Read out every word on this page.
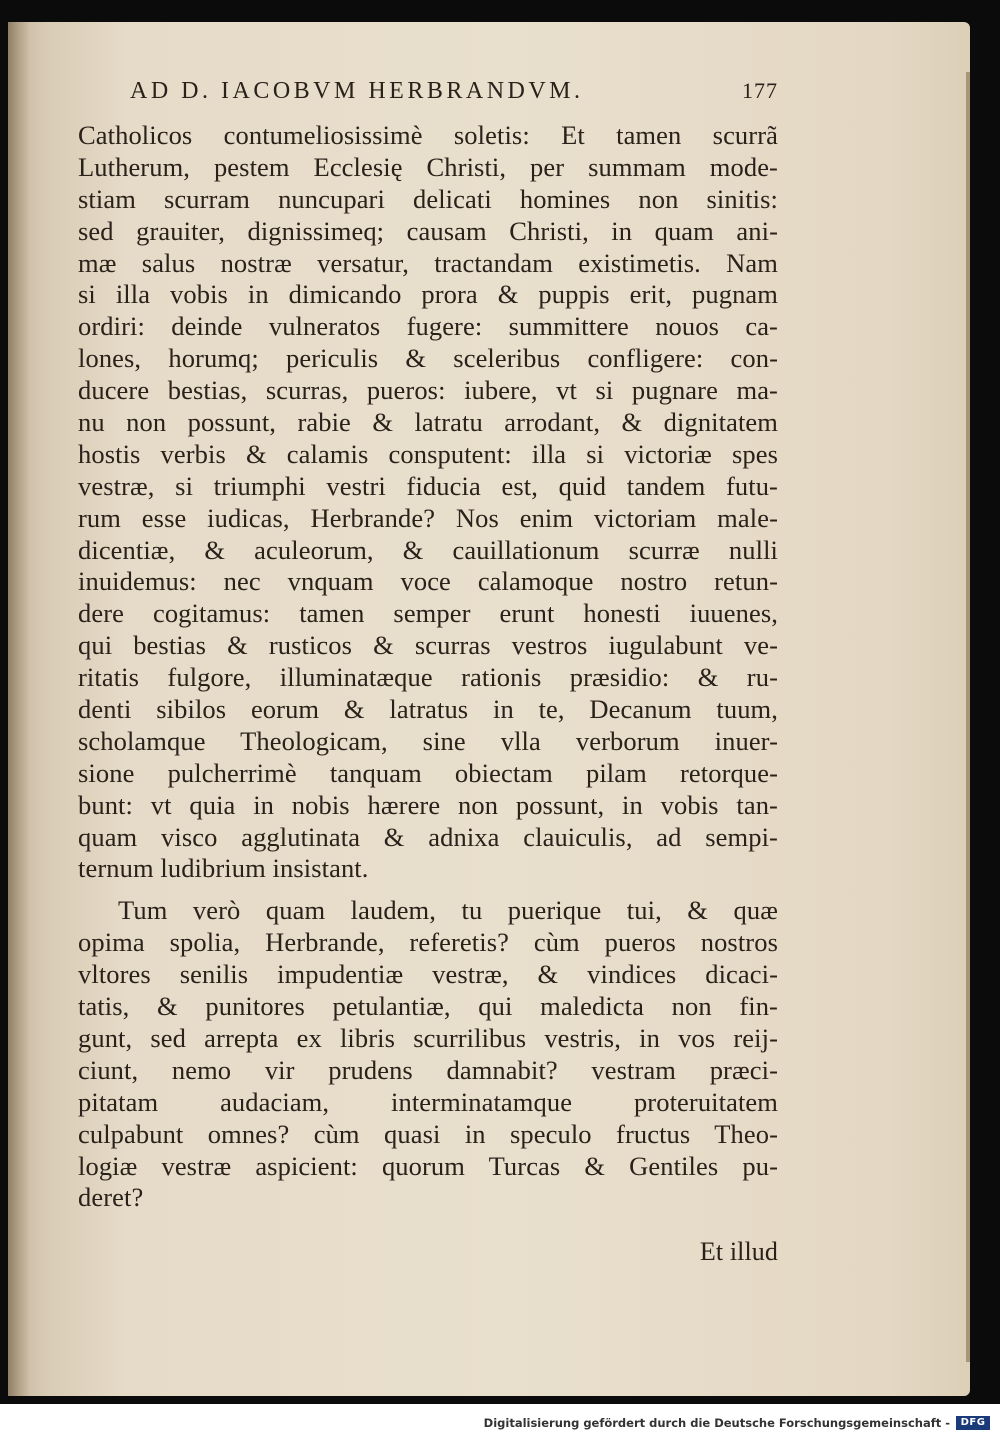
AD D. IACOBVM HERBRANDVM.	177
Catholicos contumeliosissimè soletis: Et tamen scurrã
Lutherum, pestem Ecclesię Christi, per summam mode-
stiam scurram nuncupari delicati homines non sinitis:
sed grauiter, dignissimeq; causam Christi, in quam ani-
mæ salus nostræ versatur, tractandam existimetis. Nam
si illa vobis in dimicando prora & puppis erit, pugnam
ordiri: deinde vulneratos fugere: summittere nouos ca-
lones, horumq; periculis & sceleribus confligere: con-
ducere bestias, scurras, pueros: iubere, vt si pugnare ma-
nu non possunt, rabie & latratu arrodant, & dignitatem
hostis verbis & calamis consputent: illa si victoriæ spes
vestræ, si triumphi vestri fiducia est, quid tandem futu-
rum esse iudicas, Herbrande? Nos enim victoriam male-
dicentiæ, & aculeorum, & cauillationum scurræ nulli
inuidemus: nec vnquam voce calamoque nostro retun-
dere cogitamus: tamen semper erunt honesti iuuenes,
qui bestias & rusticos & scurras vestros iugulabunt ve-
ritatis fulgore, illuminatæque rationis præsidio: & ru-
denti sibilos eorum & latratus in te, Decanum tuum,
scholamque Theologicam, sine vlla verborum inuer-
sione pulcherrimè tanquam obiectam pilam retorque-
bunt: vt quia in nobis hærere non possunt, in vobis tan-
quam visco agglutinata & adnixa clauiculis, ad sempi-
ternum ludibrium insistant.
Tum verò quam laudem, tu puerique tui, & quæ
opima spolia, Herbrande, referetis? cùm pueros nostros
vltores senilis impudentiæ vestræ, & vindices dicaci-
tatis, & punitores petulantiæ, qui maledicta non fin-
gunt, sed arrepta ex libris scurrilibus vestris, in vos reij-
ciunt, nemo vir prudens damnabit? vestram præci-
pitatam audaciam, interminatamque proteruitatem
culpabunt omnes? cùm quasi in speculo fructus Theo-
logiæ vestræ aspicient: quorum Turcas & Gentiles pu-
deret?
Et illud
Digitalisierung gefördert durch die Deutsche Forschungsgemeinschaft -	DFG
